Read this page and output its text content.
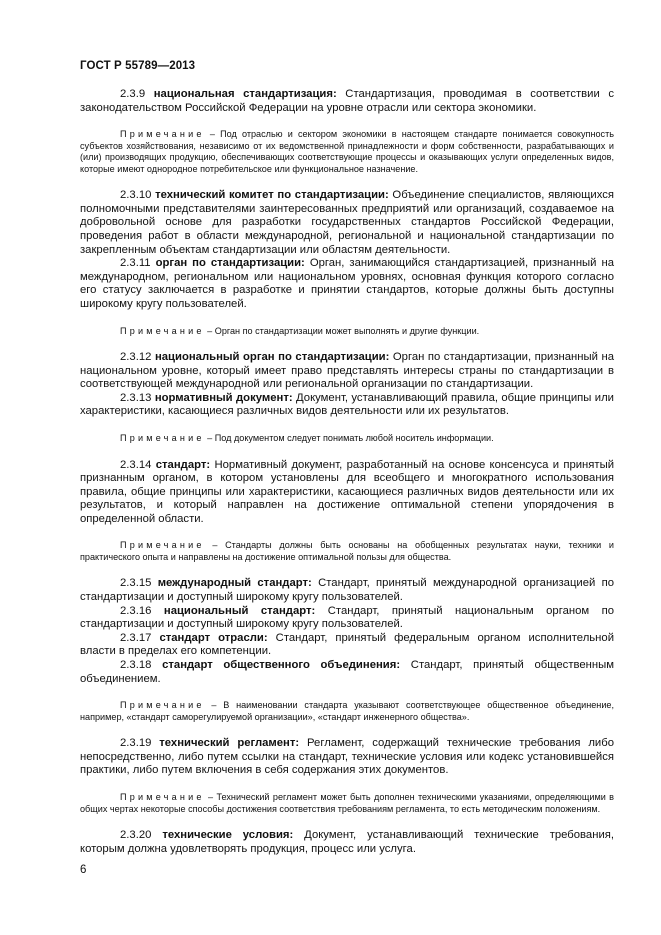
ГОСТ Р 55789—2013

2.3.9 национальная стандартизация: Стандартизация, проводимая в соответствии с законодательством Российской Федерации на уровне отрасли или сектора экономики.

Примечание – Под отраслью и сектором экономики в настоящем стандарте понимается совокупность субъектов хозяйствования, независимо от их ведомственной принадлежности и форм собственности, разрабатывающих и (или) производящих продукцию, обеспечивающих соответствующие процессы и оказывающих услуги определенных видов, которые имеют однородное потребительское или функциональное назначение.

2.3.10 технический комитет по стандартизации: Объединение специалистов, являющихся полномочными представителями заинтересованных предприятий или организаций, создаваемое на добровольной основе для разработки государственных стандартов Российской Федерации, проведения работ в области международной, региональной и национальной стандартизации по закрепленным объектам стандартизации или областям деятельности.

2.3.11 орган по стандартизации: Орган, занимающийся стандартизацией, признанный на международном, региональном или национальном уровнях, основная функция которого согласно его статусу заключается в разработке и принятии стандартов, которые должны быть доступны широкому кругу пользователей.

Примечание – Орган по стандартизации может выполнять и другие функции.

2.3.12 национальный орган по стандартизации: Орган по стандартизации, признанный на национальном уровне, который имеет право представлять интересы страны по стандартизации в соответствующей международной или региональной организации по стандартизации.

2.3.13 нормативный документ: Документ, устанавливающий правила, общие принципы или характеристики, касающиеся различных видов деятельности или их результатов.

Примечание – Под документом следует понимать любой носитель информации.

2.3.14 стандарт: Нормативный документ, разработанный на основе консенсуса и принятый признанным органом, в котором установлены для всеобщего и многократного использования правила, общие принципы или характеристики, касающиеся различных видов деятельности или их результатов, и который направлен на достижение оптимальной степени упорядочения в определенной области.

Примечание – Стандарты должны быть основаны на обобщенных результатах науки, техники и практического опыта и направлены на достижение оптимальной пользы для общества.

2.3.15 международный стандарт: Стандарт, принятый международной организацией по стандартизации и доступный широкому кругу пользователей.

2.3.16 национальный стандарт: Стандарт, принятый национальным органом по стандартизации и доступный широкому кругу пользователей.

2.3.17 стандарт отрасли: Стандарт, принятый федеральным органом исполнительной власти в пределах его компетенции.

2.3.18 стандарт общественного объединения: Стандарт, принятый общественным объединением.

Примечание – В наименовании стандарта указывают соответствующее общественное объединение, например, «стандарт саморегулируемой организации», «стандарт инженерного общества».

2.3.19 технический регламент: Регламент, содержащий технические требования либо непосредственно, либо путем ссылки на стандарт, технические условия или кодекс установившейся практики, либо путем включения в себя содержания этих документов.

Примечание – Технический регламент может быть дополнен техническими указаниями, определяющими в общих чертах некоторые способы достижения соответствия требованиям регламента, то есть методическим положениям.

2.3.20 технические условия: Документ, устанавливающий технические требования, которым должна удовлетворять продукция, процесс или услуга.

6
